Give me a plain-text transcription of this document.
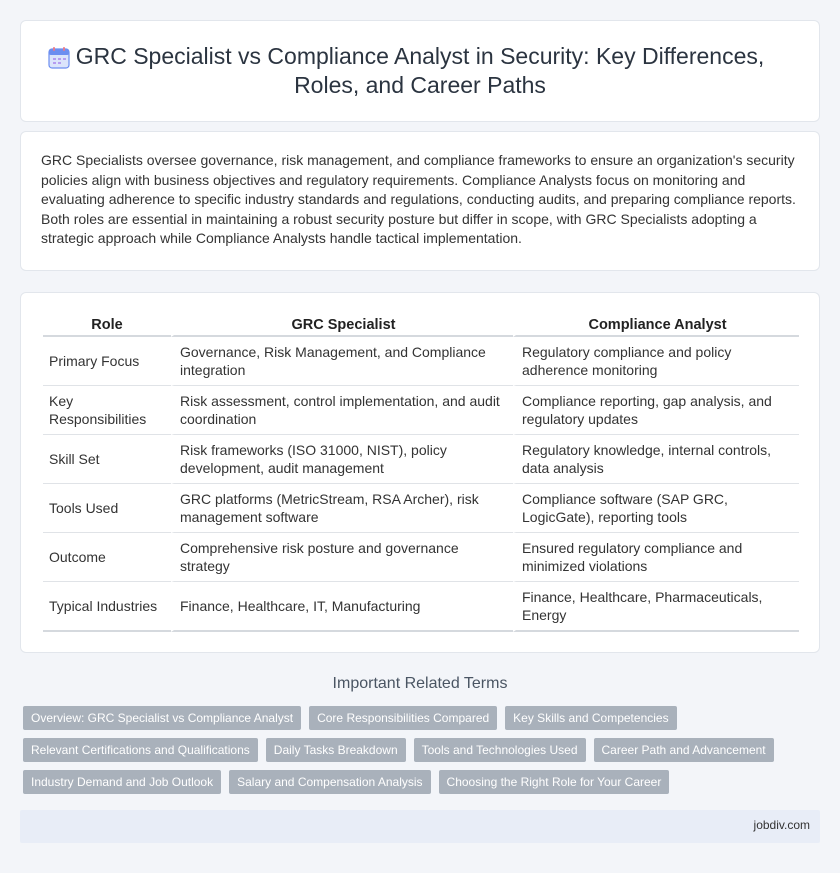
GRC Specialist vs Compliance Analyst in Security: Key Differences, Roles, and Career Paths

GRC Specialists oversee governance, risk management, and compliance frameworks to ensure an organization's security policies align with business objectives and regulatory requirements. Compliance Analysts focus on monitoring and evaluating adherence to specific industry standards and regulations, conducting audits, and preparing compliance reports. Both roles are essential in maintaining a robust security posture but differ in scope, with GRC Specialists adopting a strategic approach while Compliance Analysts handle tactical implementation.

Role	GRC Specialist	Compliance Analyst
Primary Focus	Governance, Risk Management, and Compliance integration	Regulatory compliance and policy adherence monitoring
Key Responsibilities	Risk assessment, control implementation, and audit coordination	Compliance reporting, gap analysis, and regulatory updates
Skill Set	Risk frameworks (ISO 31000, NIST), policy development, audit management	Regulatory knowledge, internal controls, data analysis
Tools Used	GRC platforms (MetricStream, RSA Archer), risk management software	Compliance software (SAP GRC, LogicGate), reporting tools
Outcome	Comprehensive risk posture and governance strategy	Ensured regulatory compliance and minimized violations
Typical Industries	Finance, Healthcare, IT, Manufacturing	Finance, Healthcare, Pharmaceuticals, Energy
Important Related Terms
Overview: GRC Specialist vs Compliance Analyst	Core Responsibilities Compared	Key Skills and Competencies
Relevant Certifications and Qualifications	Daily Tasks Breakdown	Tools and Technologies Used	Career Path and Advancement
Industry Demand and Job Outlook	Salary and Compensation Analysis	Choosing the Right Role for Your Career
jobdiv.com
